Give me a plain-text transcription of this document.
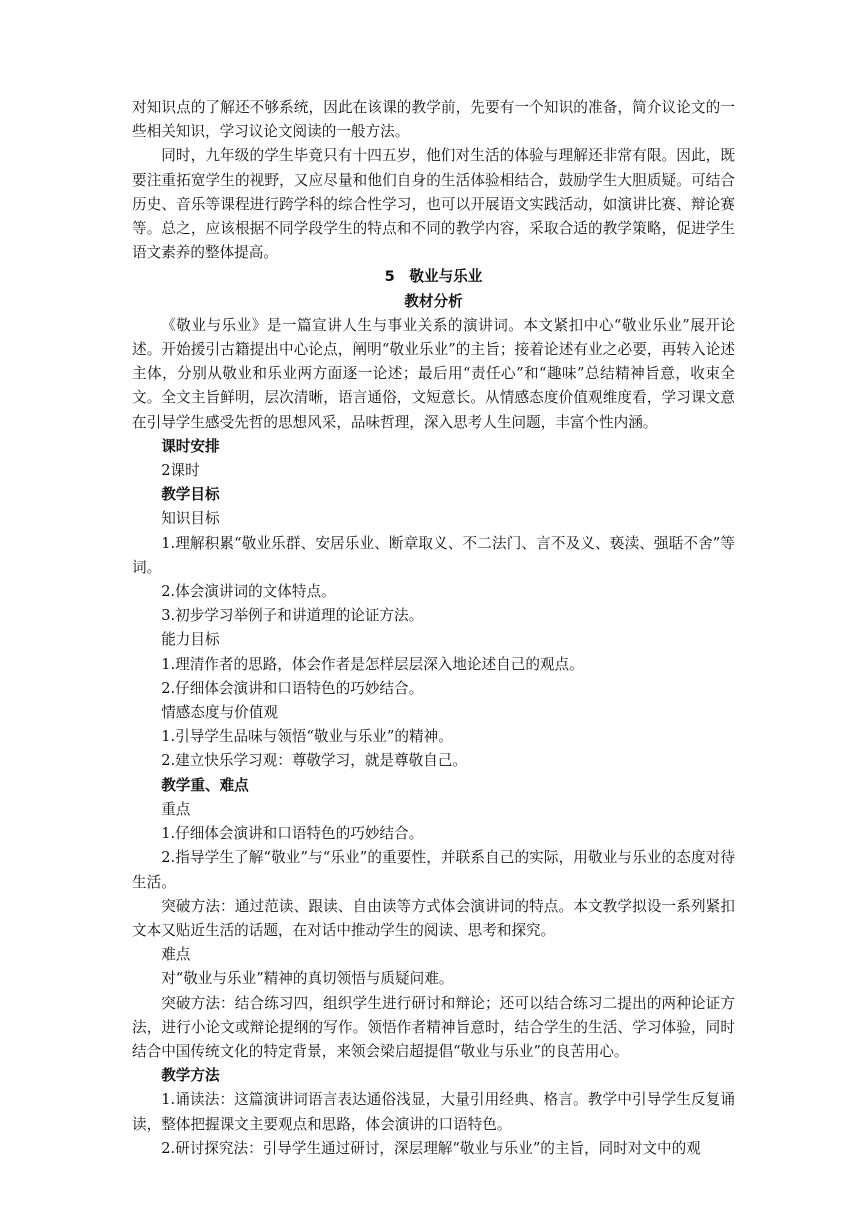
对知识点的了解还不够系统，因此在该课的教学前，先要有一个知识的准备，简介议论文的一些相关知识，学习议论文阅读的一般方法。

同时，九年级的学生毕竟只有十四五岁，他们对生活的体验与理解还非常有限。因此，既要注重拓宽学生的视野，又应尽量和他们自身的生活体验相结合，鼓励学生大胆质疑。可结合历史、音乐等课程进行跨学科的综合性学习，也可以开展语文实践活动，如演讲比赛、辩论赛等。总之，应该根据不同学段学生的特点和不同的教学内容，采取合适的教学策略，促进学生语文素养的整体提高。

5　敬业与乐业

教材分析

《敬业与乐业》是一篇宣讲人生与事业关系的演讲词。本文紧扣中心“敬业乐业”展开论述。开始援引古籍提出中心论点，阐明“敬业乐业”的主旨；接着论述有业之必要，再转入论述主体，分别从敬业和乐业两方面逐一论述；最后用“责任心”和“趣味”总结精神旨意，收束全文。全文主旨鲜明，层次清晰，语言通俗，文短意长。从情感态度价值观维度看，学习课文意在引导学生感受先哲的思想风采，品味哲理，深入思考人生问题，丰富个性内涵。

课时安排

2课时

教学目标

知识目标

1.理解积累“敬业乐群、安居乐业、断章取义、不二法门、言不及义、亵渎、强聒不舍”等词。

2.体会演讲词的文体特点。

3.初步学习举例子和讲道理的论证方法。

能力目标

1.理清作者的思路，体会作者是怎样层层深入地论述自己的观点。

2.仔细体会演讲和口语特色的巧妙结合。

情感态度与价值观

1.引导学生品味与领悟“敬业与乐业”的精神。

2.建立快乐学习观：尊敬学习，就是尊敬自己。

教学重、难点

重点

1.仔细体会演讲和口语特色的巧妙结合。

2.指导学生了解“敬业”与“乐业”的重要性，并联系自己的实际，用敬业与乐业的态度对待生活。

突破方法：通过范读、跟读、自由读等方式体会演讲词的特点。本文教学拟设一系列紧扣文本又贴近生活的话题，在对话中推动学生的阅读、思考和探究。

难点

对“敬业与乐业”精神的真切领悟与质疑问难。

突破方法：结合练习四，组织学生进行研讨和辩论；还可以结合练习二提出的两种论证方法，进行小论文或辩论提纲的写作。领悟作者精神旨意时，结合学生的生活、学习体验，同时结合中国传统文化的特定背景，来领会梁启超提倡“敬业与乐业”的良苦用心。

教学方法

1.诵读法：这篇演讲词语言表达通俗浅显，大量引用经典、格言。教学中引导学生反复诵读，整体把握课文主要观点和思路，体会演讲的口语特色。

2.研讨探究法：引导学生通过研讨，深层理解“敬业与乐业”的主旨，同时对文中的观
